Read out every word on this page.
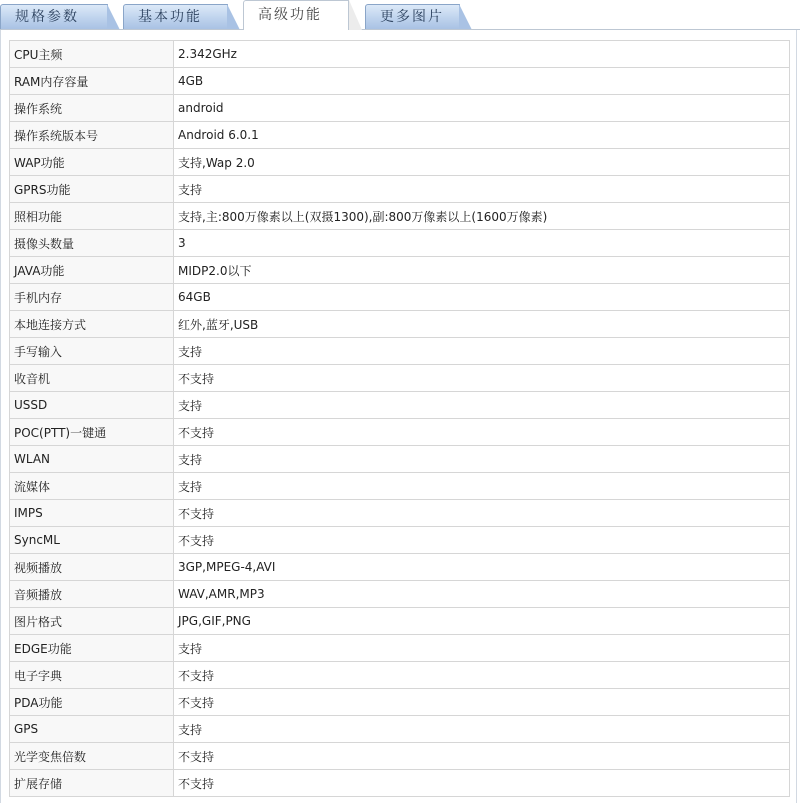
规格参数	基本功能	高级功能	更多图片
CPU主频	2.342GHz
RAM内存容量	4GB
操作系统	android
操作系统版本号	Android 6.0.1
WAP功能	支持,Wap 2.0
GPRS功能	支持
照相功能	支持,主:800万像素以上(双摄1300),副:800万像素以上(1600万像素)
摄像头数量	3
JAVA功能	MIDP2.0以下
手机内存	64GB
本地连接方式	红外,蓝牙,USB
手写输入	支持
收音机	不支持
USSD	支持
POC(PTT)一键通	不支持
WLAN	支持
流媒体	支持
IMPS	不支持
SyncML	不支持
视频播放	3GP,MPEG-4,AVI
音频播放	WAV,AMR,MP3
图片格式	JPG,GIF,PNG
EDGE功能	支持
电子字典	不支持
PDA功能	不支持
GPS	支持
光学变焦倍数	不支持
扩展存储	不支持
